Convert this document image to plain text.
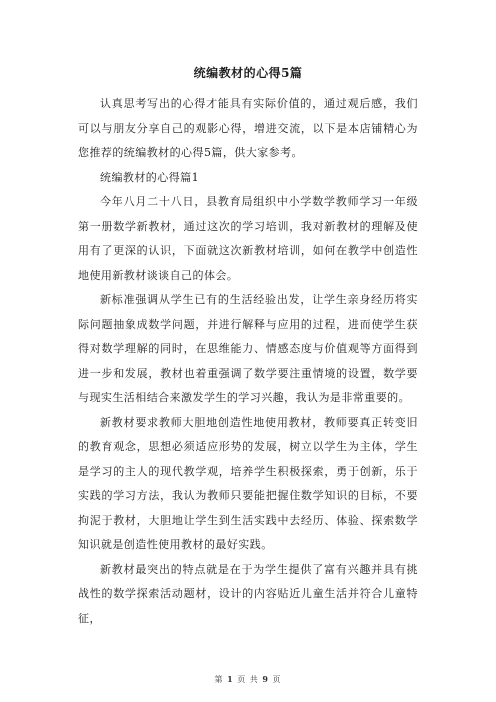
统编教材的心得5篇

认真思考写出的心得才能具有实际价值的，通过观后感，我们可以与朋友分享自己的观影心得，增进交流，以下是本店铺精心为您推荐的统编教材的心得5篇，供大家参考。

统编教材的心得篇1

今年八月二十八日，县教育局组织中小学数学教师学习一年级第一册数学新教材，通过这次的学习培训，我对新教材的理解及使用有了更深的认识，下面就这次新教材培训，如何在教学中创造性地使用新教材谈谈自己的体会。

新标准强调从学生已有的生活经验出发，让学生亲身经历将实际问题抽象成数学问题，并进行解释与应用的过程，进而使学生获得对数学理解的同时，在思维能力、情感态度与价值观等方面得到进一步和发展，教材也着重强调了数学要注重情境的设置，数学要与现实生活相结合来激发学生的学习兴趣，我认为是非常重要的。

新教材要求教师大胆地创造性地使用教材，教师要真正转变旧的教育观念，思想必须适应形势的发展，树立以学生为主体，学生是学习的主人的现代教学观，培养学生积极探索，勇于创新，乐于实践的学习方法，我认为教师只要能把握住数学知识的目标，不要拘泥于教材，大胆地让学生到生活实践中去经历、体验、探索数学知识就是创造性使用教材的最好实践。

新教材最突出的特点就是在于为学生提供了富有兴趣并具有挑战性的数学探索活动题材，设计的内容贴近儿童生活并符合儿童特征，

第 1 页 共 9 页
